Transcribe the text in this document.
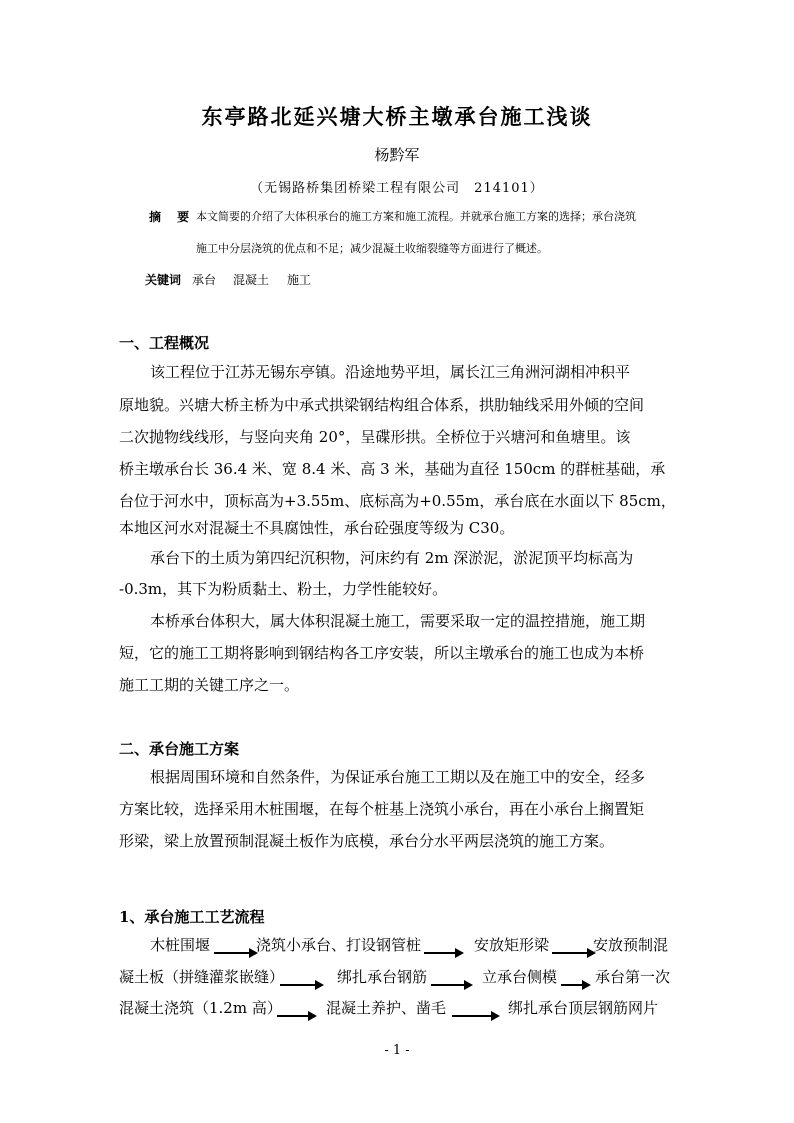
东亭路北延兴塘大桥主墩承台施工浅谈
杨黔军
（无锡路桥集团桥梁工程有限公司　214101）
摘 要 本文简要的介绍了大体积承台的施工方案和施工流程。并就承台施工方案的选择；承台浇筑
施工中分层浇筑的优点和不足；减少混凝土收缩裂缝等方面进行了概述。
关键词 承台 混凝土 施工
一、工程概况
该工程位于江苏无锡东亭镇。沿途地势平坦，属长江三角洲河湖相冲积平
原地貌。兴塘大桥主桥为中承式拱梁钢结构组合体系，拱肋轴线采用外倾的空间
二次抛物线线形，与竖向夹角 20°，呈碟形拱。全桥位于兴塘河和鱼塘里。该
桥主墩承台长 36.4 米、宽 8.4 米、高 3 米，基础为直径 150cm 的群桩基础，承
台位于河水中，顶标高为+3.55m、底标高为+0.55m，承台底在水面以下 85cm，
本地区河水对混凝土不具腐蚀性，承台砼强度等级为 C30。
承台下的土质为第四纪沉积物，河床约有 2m 深淤泥，淤泥顶平均标高为
-0.3m，其下为粉质黏土、粉土，力学性能较好。
本桥承台体积大，属大体积混凝土施工，需要采取一定的温控措施，施工期
短，它的施工工期将影响到钢结构各工序安装，所以主墩承台的施工也成为本桥
施工工期的关键工序之一。
二、承台施工方案
根据周围环境和自然条件，为保证承台施工工期以及在施工中的安全，经多
方案比较，选择采用木桩围堰，在每个桩基上浇筑小承台，再在小承台上搁置矩
形梁，梁上放置预制混凝土板作为底模，承台分水平两层浇筑的施工方案。
1、承台施工工艺流程
木桩围堰	浇筑小承台、打设钢管桩	安放矩形梁	安放预制混
凝土板（拼缝灌浆嵌缝）	绑扎承台钢筋	立承台侧模	承台第一次
混凝土浇筑（1.2m 高）	混凝土养护、凿毛	绑扎承台顶层钢筋网片
- 1 -
